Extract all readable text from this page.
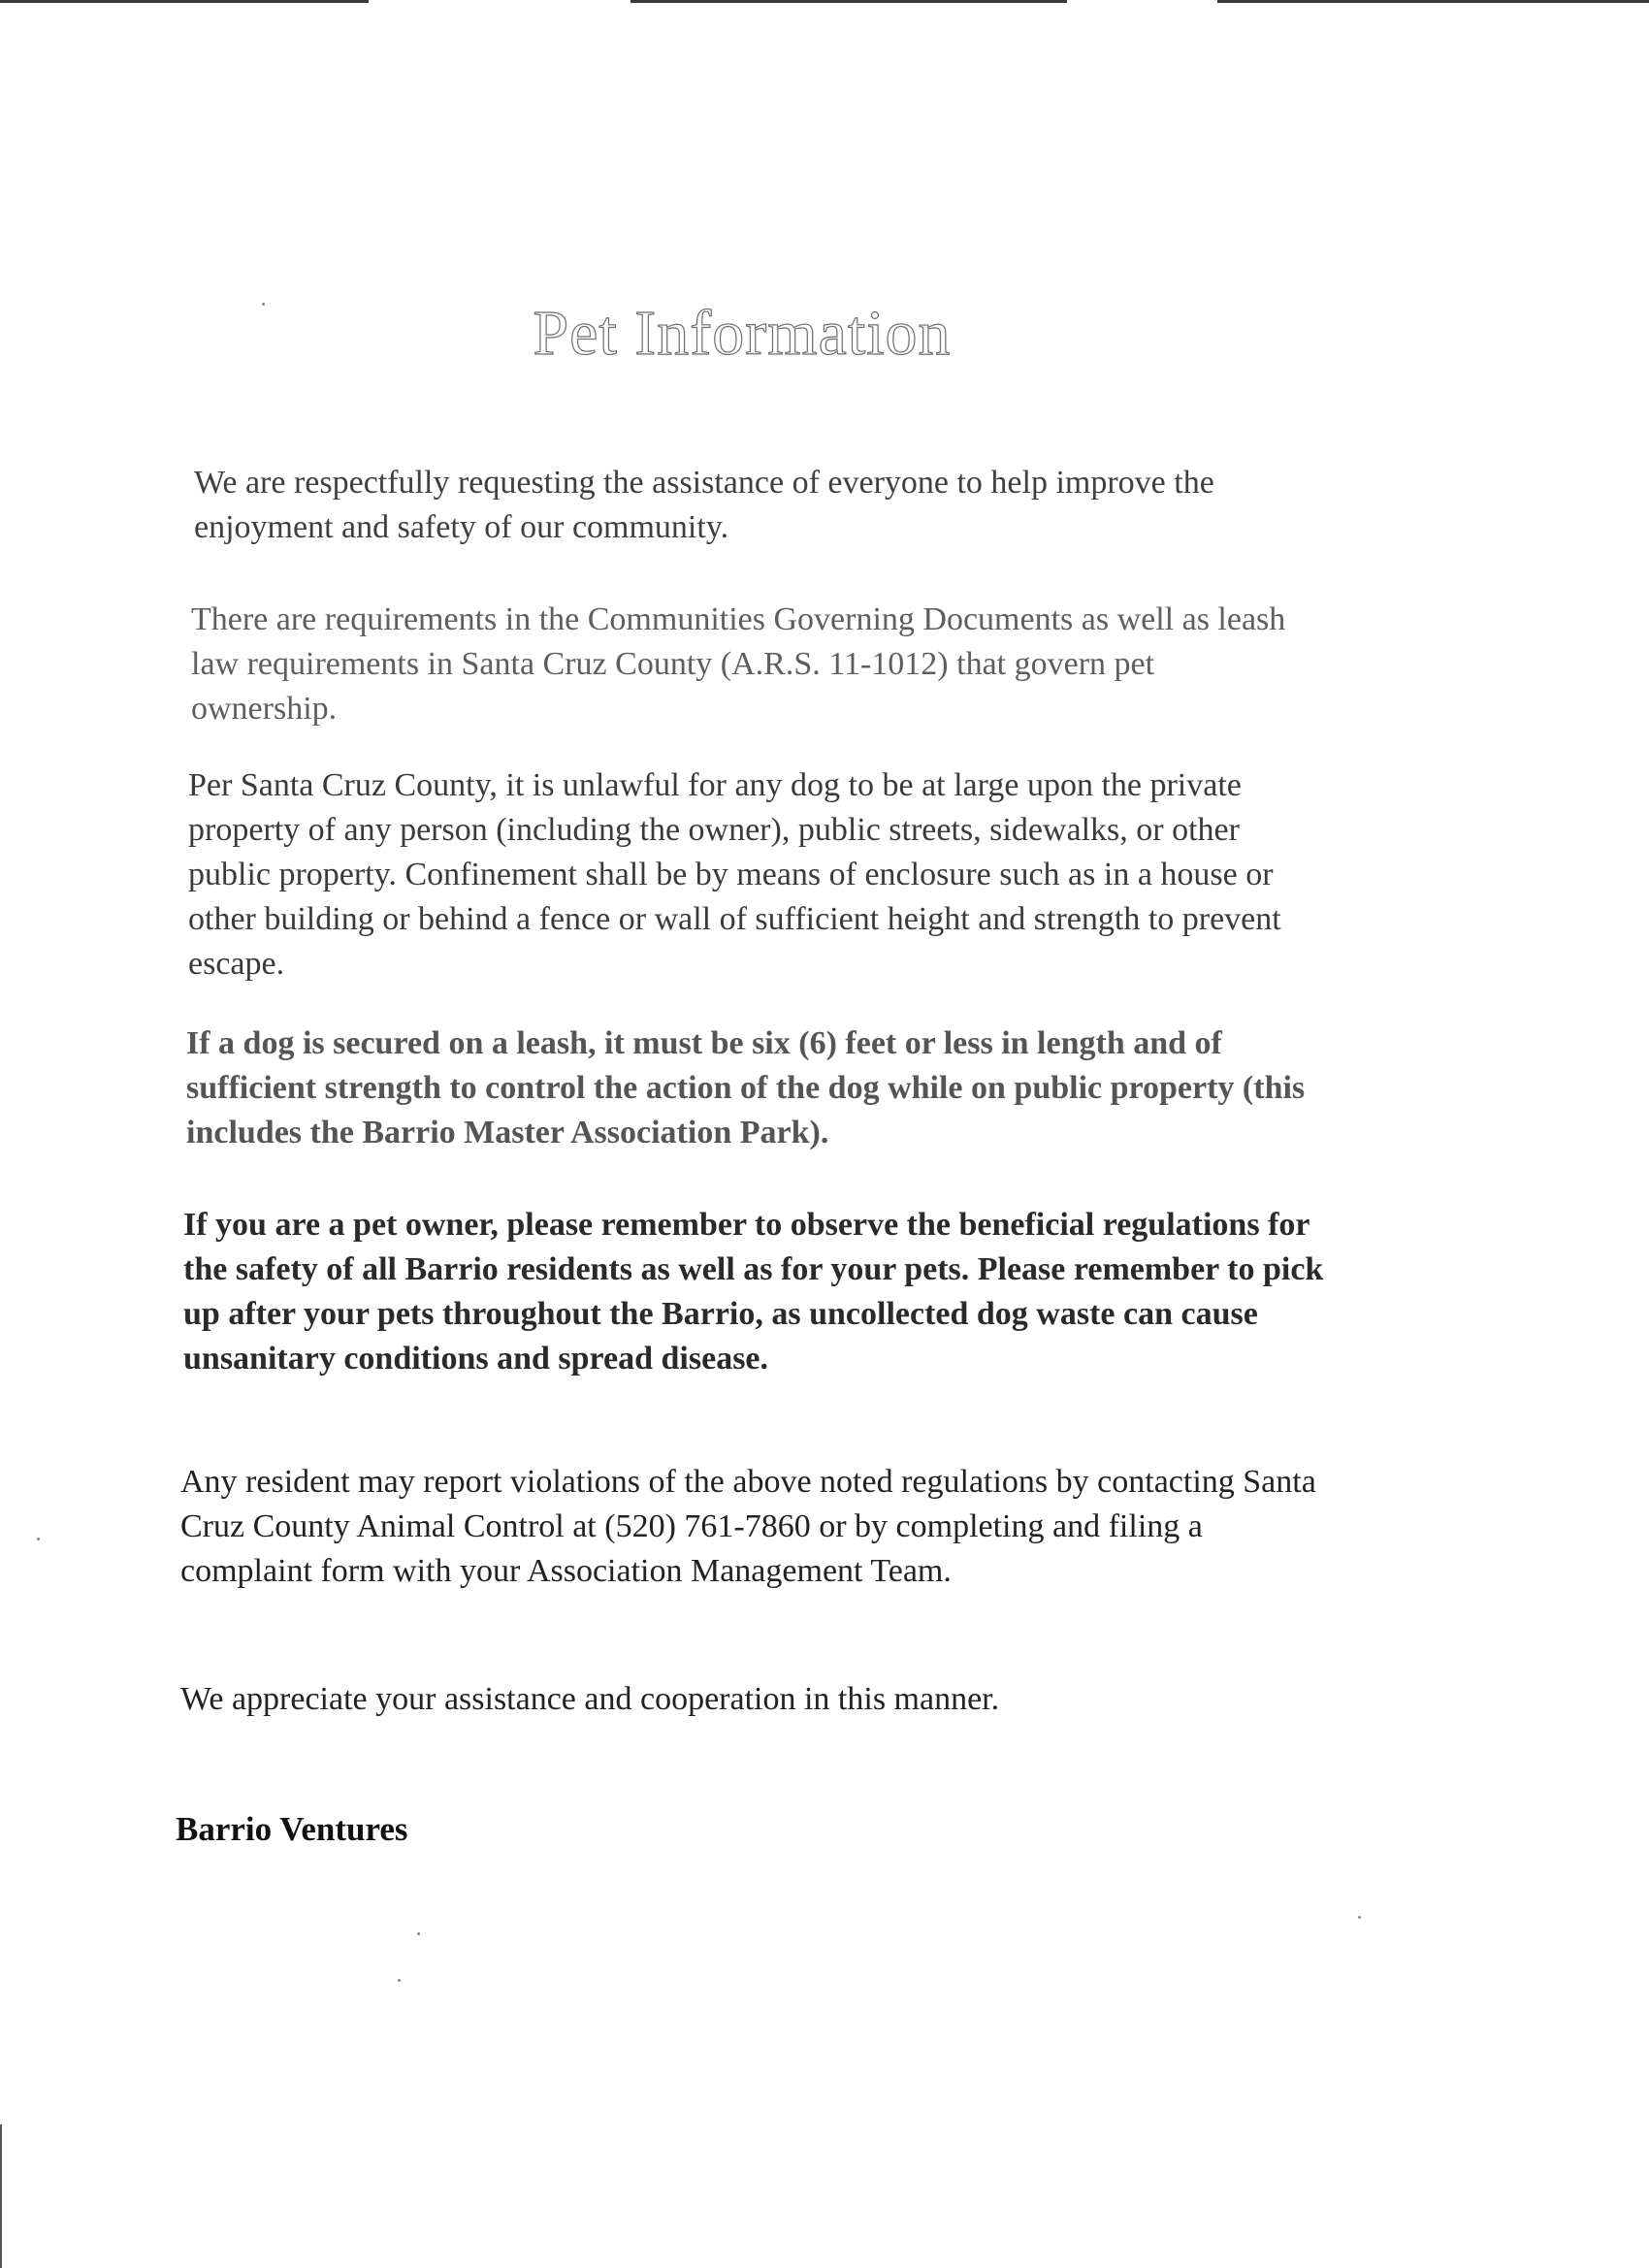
Pet Information

We are respectfully requesting the assistance of everyone to help improve the enjoyment and safety of our community.

There are requirements in the Communities Governing Documents as well as leash law requirements in Santa Cruz County (A.R.S. 11-1012) that govern pet ownership.

Per Santa Cruz County, it is unlawful for any dog to be at large upon the private property of any person (including the owner), public streets, sidewalks, or other public property. Confinement shall be by means of enclosure such as in a house or other building or behind a fence or wall of sufficient height and strength to prevent escape.

If a dog is secured on a leash, it must be six (6) feet or less in length and of sufficient strength to control the action of the dog while on public property (this includes the Barrio Master Association Park).

If you are a pet owner, please remember to observe the beneficial regulations for the safety of all Barrio residents as well as for your pets. Please remember to pick up after your pets throughout the Barrio, as uncollected dog waste can cause unsanitary conditions and spread disease.

Any resident may report violations of the above noted regulations by contacting Santa Cruz County Animal Control at (520) 761-7860 or by completing and filing a complaint form with your Association Management Team.

We appreciate your assistance and cooperation in this manner.

Barrio Ventures
